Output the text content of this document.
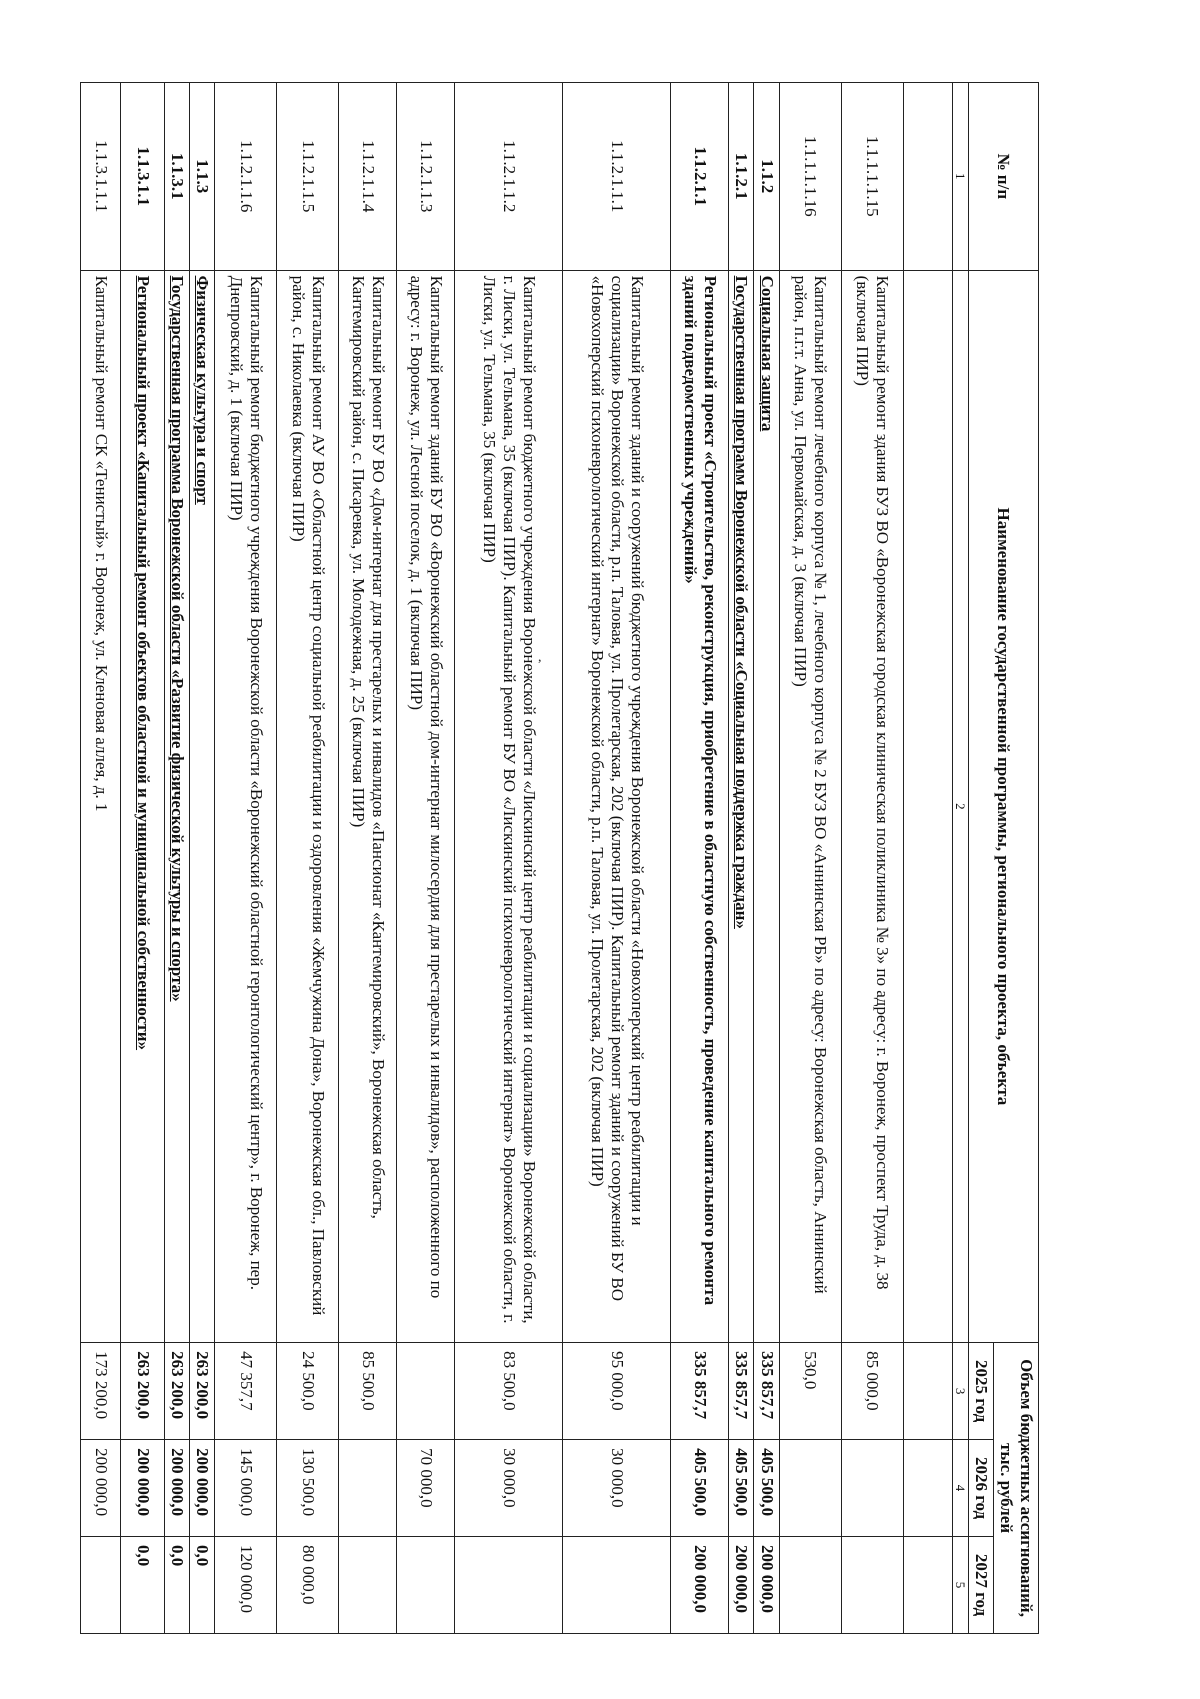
,
№ п/п	Наименование государственной программы, регионального проекта, объекта	Объем бюджетных ассигнований, тыс. рублей		
		2025 год	2026 год	2027 год
1	2	3	4	5

1.1.1.1.1.15	Капитальный ремонт здания БУЗ ВО «Воронежская городская клиническая поликлиника № 3» по адресу: г. Воронеж, проспект Труда, д. 38 (включая ПИР)	85 000,0		
1.1.1.1.1.16	Капитальный ремонт лечебного корпуса № 1, лечебного корпуса № 2 БУЗ ВО «Аннинская РБ» по адресу: Воронежская область, Аннинский район, п.г.т. Анна, ул. Первомайская, д. 3 (включая ПИР)	530,0		
1.1.2	Социальная защита	335 857,7	405 500,0	200 000,0
1.1.2.1	Государственная программ Воронежской области «Социальная поддержка граждан»	335 857,7	405 500,0	200 000,0
1.1.2.1.1	Региональный проект «Строительство, реконструкция, приобретение в областную собственность, проведение капитального ремонта зданий подведомственных учреждений»	335 857,7	405 500,0	200 000,0
1.1.2.1.1.1	Капитальный ремонт зданий и сооружений бюджетного учреждения Воронежской области «Новохоперский центр реабилитации и социализации» Воронежской области, р.п. Таловая, ул. Пролетарская, 202 (включая ПИР). Капитальный ремонт зданий и сооружений БУ ВО «Новохоперский психоневрологический интернат» Воронежской области, р.п. Таловая, ул. Пролетарская, 202 (включая ПИР)	95 000,0	30 000,0	
1.1.2.1.1.2	Капитальный ремонт бюджетного учреждения Воронежской области «Лискинский центр реабилитации и социализации» Воронежской области, г. Лиски, ул. Тельмана, 35 (включая ПИР). Капитальный ремонт БУ ВО «Лискинский психоневрологический интернат» Воронежской области, г. Лиски, ул. Тельмана, 35 (включая ПИР)	83 500,0	30 000,0	
1.1.2.1.1.3	Капитальный ремонт зданий БУ ВО «Воронежский областной дом-интернат милосердия для престарелых и инвалидов», расположенного по адресу: г. Воронеж, ул. Лесной поселок, д. 1 (включая ПИР)		70 000,0	
1.1.2.1.1.4	Капитальный ремонт БУ ВО «Дом-интернат для престарелых и инвалидов «Пансионат «Кантемировский», Воронежская область, Кантемировский район, с. Писаревка, ул. Молодежная, д. 25 (включая ПИР)	85 500,0		
1.1.2.1.1.5	Капитальный ремонт АУ ВО «Областной центр социальной реабилитации и оздоровления «Жемчужина Дона», Воронежская обл., Павловский район, с. Николаевка (включая ПИР)	24 500,0	130 500,0	80 000,0
1.1.2.1.1.6	Капитальный ремонт бюджетного учреждения Воронежской области «Воронежский областной геронтологический центр», г. Воронеж, пер. Днепровский, д. 1 (включая ПИР)	47 357,7	145 000,0	120 000,0
1.1.3	Физическая культура и спорт	263 200,0	200 000,0	0,0
1.1.3.1	Государственная программа Воронежской области «Развитие физической культуры и спорта»	263 200,0	200 000,0	0,0
1.1.3.1.1	Региональный проект «Капитальный ремонт объектов областной и муниципальной собственности»	263 200,0	200 000,0	0,0
1.1.3.1.1.1	Капитальный ремонт СК «Тенистый» г. Воронеж, ул. Кленовая аллея, д. 1	173 200,0	200 000,0	
